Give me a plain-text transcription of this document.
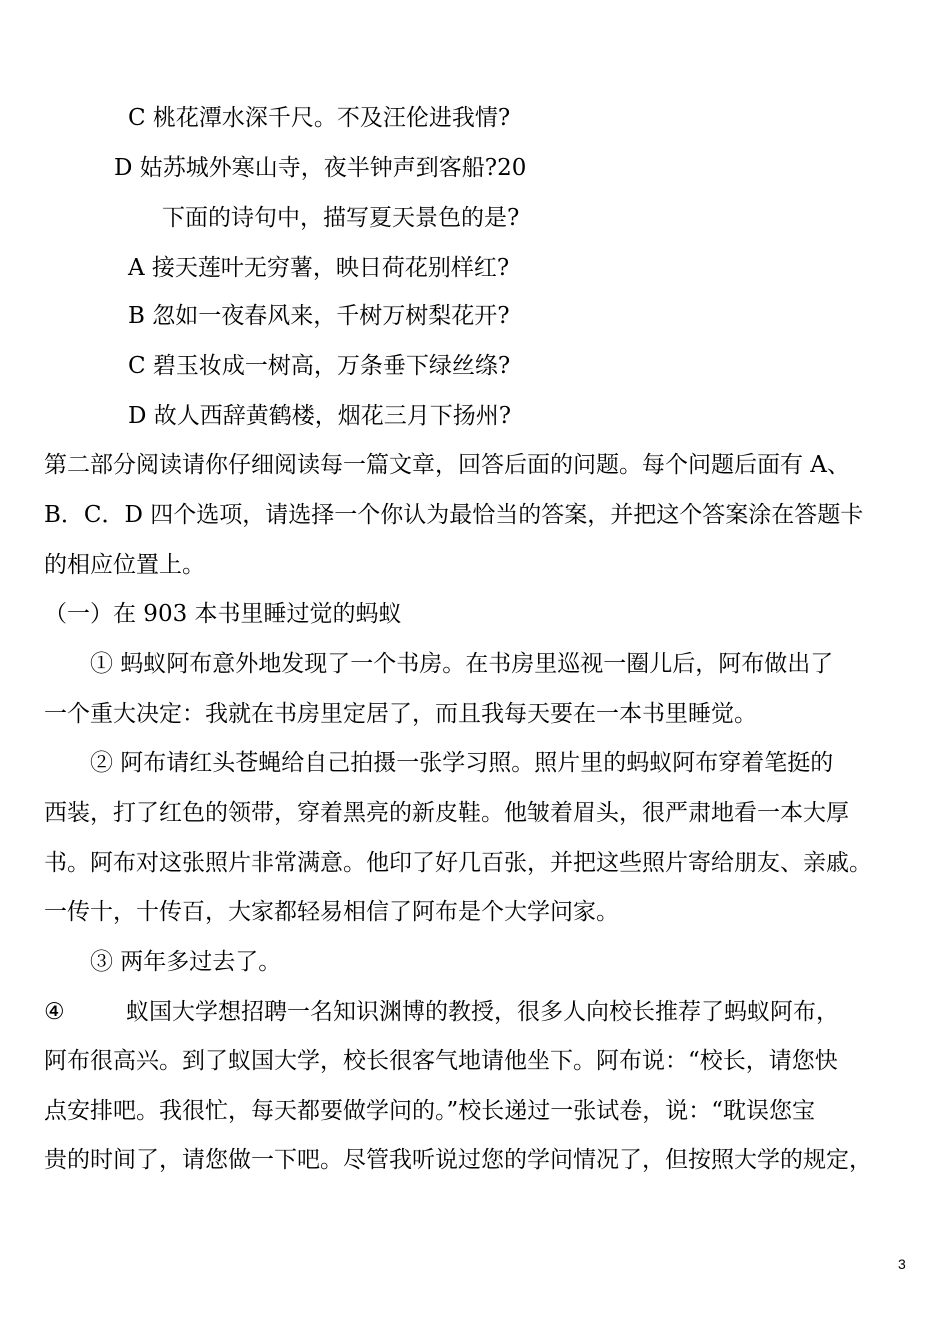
C 桃花潭水深千尺。不及汪伦进我情?
D 姑苏城外寒山寺，夜半钟声到客船?20
下面的诗句中，描写夏天景色的是?
A 接天莲叶无穷薯，映日荷花别样红?
B 忽如一夜春风来，千树万树梨花开?
C 碧玉妆成一树高，万条垂下绿丝绦?
D 故人西辞黄鹤楼，烟花三月下扬州?
第二部分阅读请你仔细阅读每一篇文章，回答后面的问题。每个问题后面有 A、
B．C．D 四个选项，请选择一个你认为最恰当的答案，并把这个答案涂在答题卡
的相应位置上。
（一）在 903 本书里睡过觉的蚂蚁
① 蚂蚁阿布意外地发现了一个书房。在书房里巡视一圈儿后，阿布做出了
一个重大决定：我就在书房里定居了，而且我每天要在一本书里睡觉。
② 阿布请红头苍蝇给自己拍摄一张学习照。照片里的蚂蚁阿布穿着笔挺的
西装，打了红色的领带，穿着黑亮的新皮鞋。他皱着眉头，很严肃地看一本大厚
书。阿布对这张照片非常满意。他印了好几百张，并把这些照片寄给朋友、亲戚。
一传十，十传百，大家都轻易相信了阿布是个大学问家。
③ 两年多过去了。
④	蚁国大学想招聘一名知识渊博的教授，很多人向校长推荐了蚂蚁阿布，
阿布很高兴。到了蚁国大学，校长很客气地请他坐下。阿布说：“校长，请您快
点安排吧。我很忙，每天都要做学问的。”校长递过一张试卷，说：“耽误您宝
贵的时间了，请您做一下吧。尽管我听说过您的学问情况了，但按照大学的规定，
3
